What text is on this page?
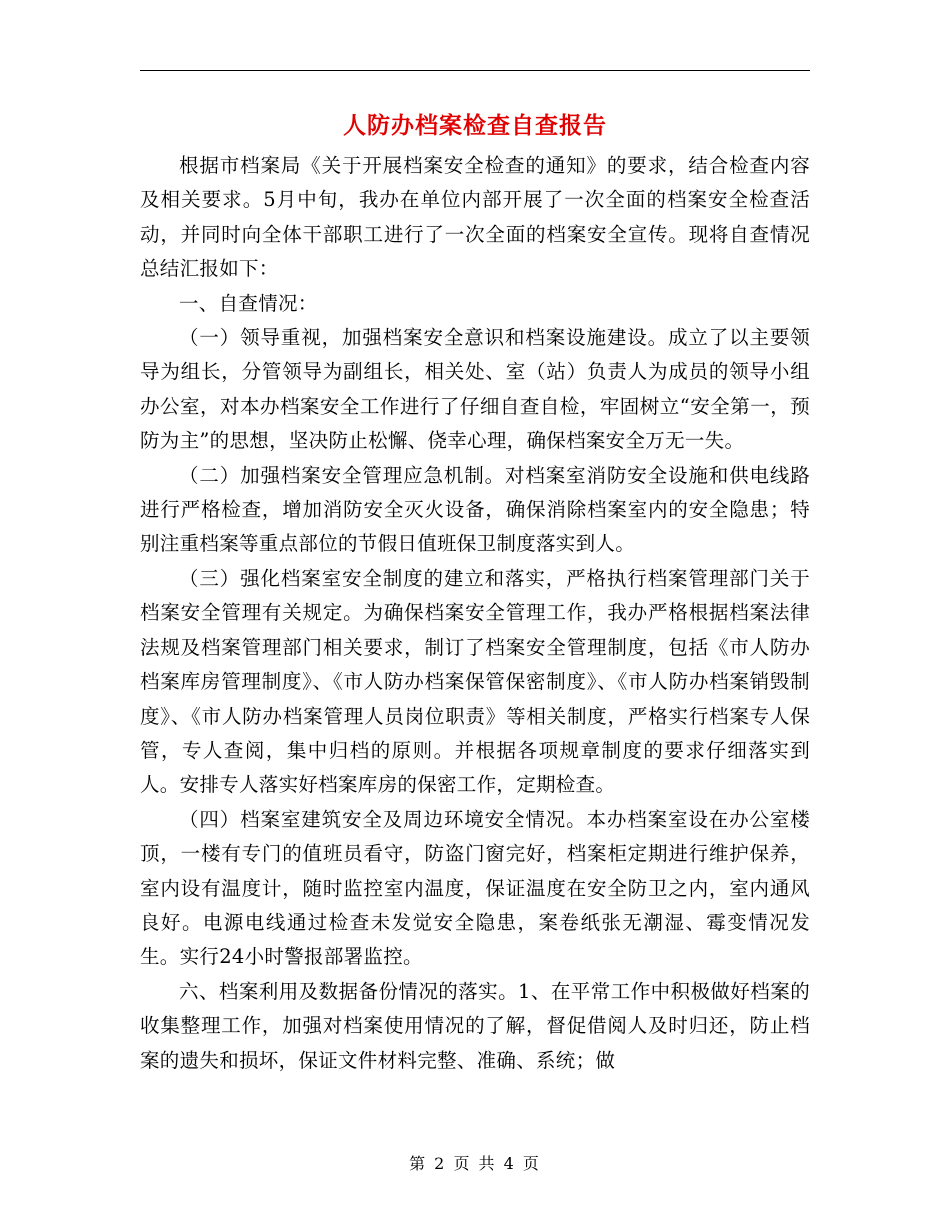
人防办档案检查自查报告

根据市档案局《关于开展档案安全检查的通知》的要求，结合检查内容及相关要求。5月中旬，我办在单位内部开展了一次全面的档案安全检查活动，并同时向全体干部职工进行了一次全面的档案安全宣传。现将自查情况总结汇报如下：

一、自查情况：

（一）领导重视，加强档案安全意识和档案设施建设。成立了以主要领导为组长，分管领导为副组长，相关处、室（站）负责人为成员的领导小组办公室，对本办档案安全工作进行了仔细自查自检，牢固树立“安全第一，预防为主”的思想，坚决防止松懈、侥幸心理，确保档案安全万无一失。

（二）加强档案安全管理应急机制。对档案室消防安全设施和供电线路进行严格检查，增加消防安全灭火设备，确保消除档案室内的安全隐患；特别注重档案等重点部位的节假日值班保卫制度落实到人。

（三）强化档案室安全制度的建立和落实，严格执行档案管理部门关于档案安全管理有关规定。为确保档案安全管理工作，我办严格根据档案法律法规及档案管理部门相关要求，制订了档案安全管理制度，包括《市人防办档案库房管理制度》、《市人防办档案保管保密制度》、《市人防办档案销毁制度》、《市人防办档案管理人员岗位职责》等相关制度，严格实行档案专人保管，专人查阅，集中归档的原则。并根据各项规章制度的要求仔细落实到人。安排专人落实好档案库房的保密工作，定期检查。

（四）档案室建筑安全及周边环境安全情况。本办档案室设在办公室楼顶，一楼有专门的值班员看守，防盗门窗完好，档案柜定期进行维护保养，室内设有温度计，随时监控室内温度，保证温度在安全防卫之内，室内通风良好。电源电线通过检查未发觉安全隐患，案卷纸张无潮湿、霉变情况发生。实行24小时警报部署监控。

六、档案利用及数据备份情况的落实。1、在平常工作中积极做好档案的收集整理工作，加强对档案使用情况的了解，督促借阅人及时归还，防止档案的遗失和损坏，保证文件材料完整、准确、系统；做

第 2 页 共 4 页
